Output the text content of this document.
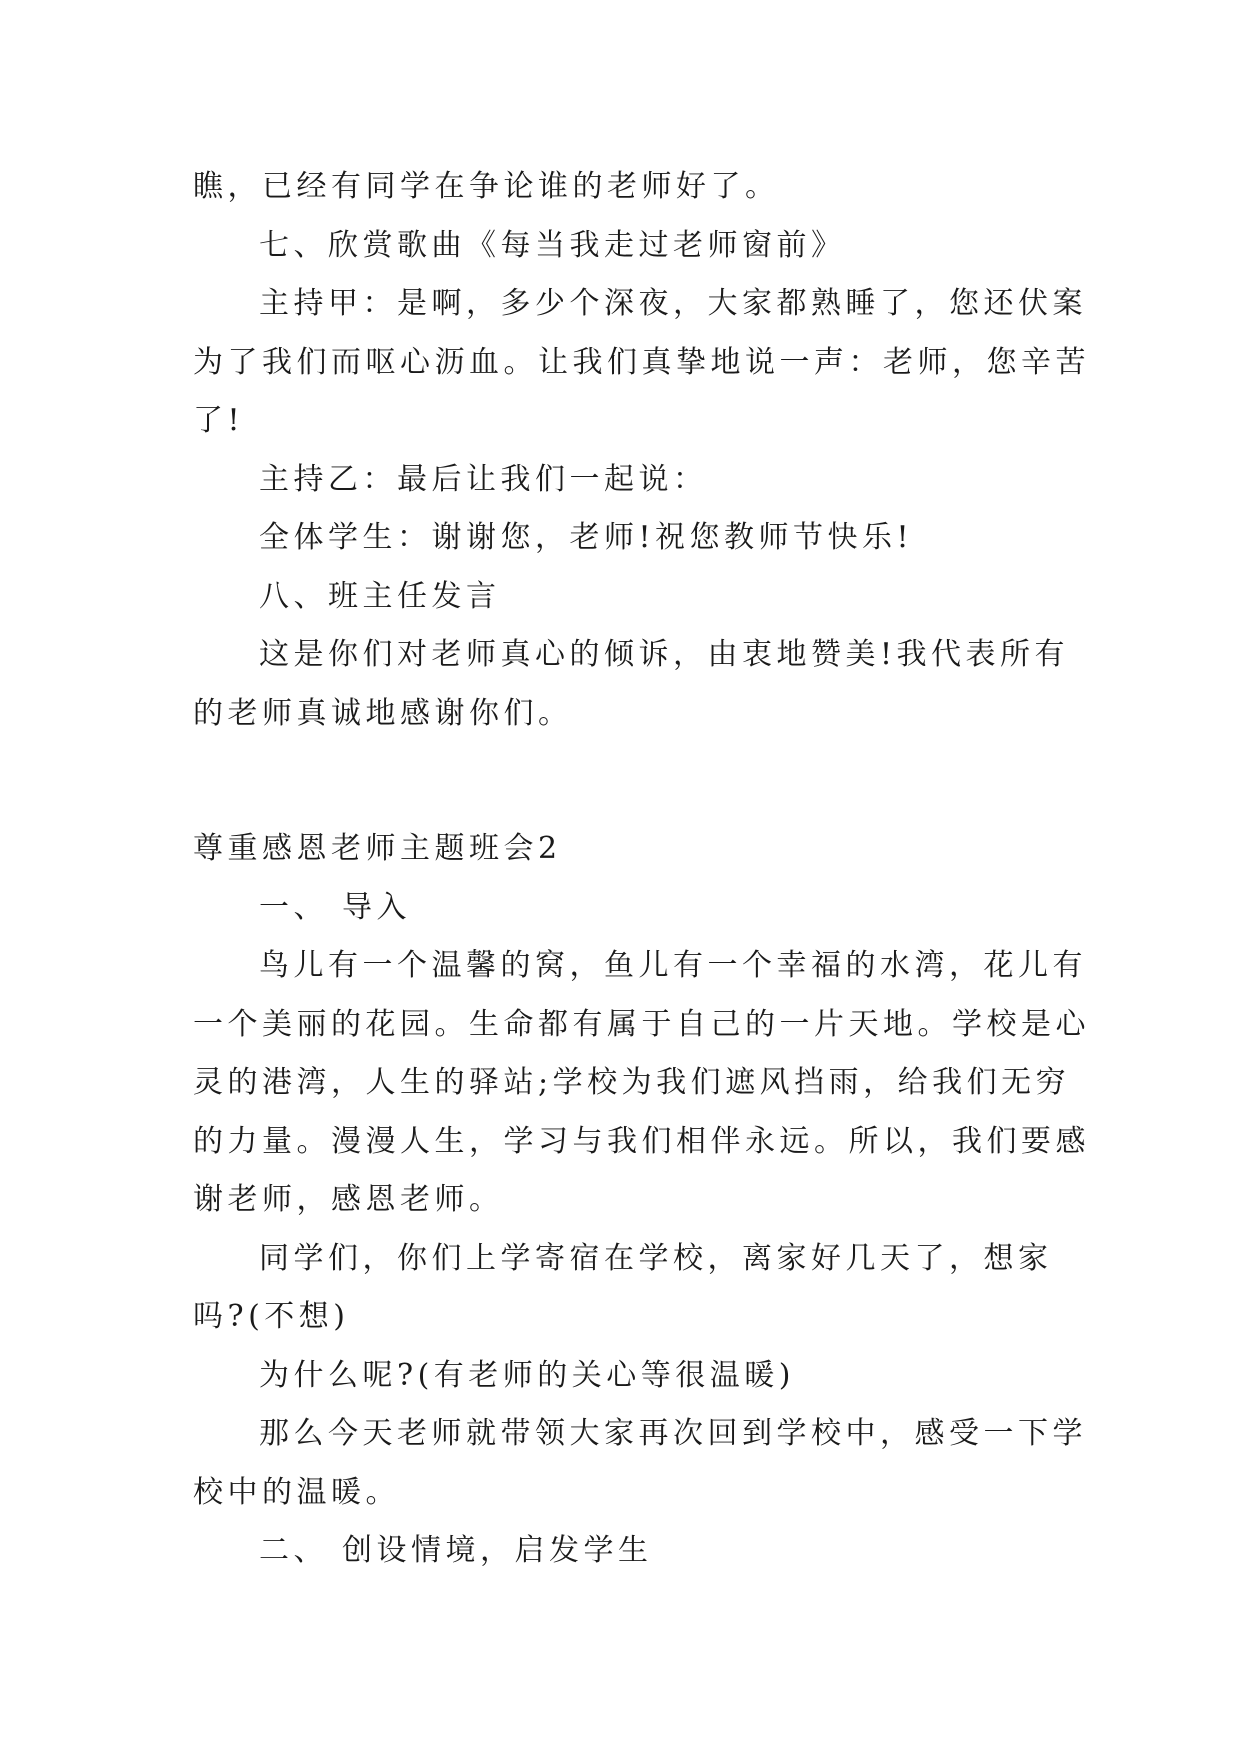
瞧，已经有同学在争论谁的老师好了。

七、欣赏歌曲《每当我走过老师窗前》

主持甲：是啊，多少个深夜，大家都熟睡了，您还伏案

为了我们而呕心沥血。让我们真挚地说一声：老师，您辛苦

了!

主持乙：最后让我们一起说：

全体学生：谢谢您，老师!祝您教师节快乐!

八、班主任发言

这是你们对老师真心的倾诉，由衷地赞美!我代表所有

的老师真诚地感谢你们。

尊重感恩老师主题班会2

一、 导入

鸟儿有一个温馨的窝，鱼儿有一个幸福的水湾，花儿有

一个美丽的花园。生命都有属于自己的一片天地。学校是心

灵的港湾，人生的驿站;学校为我们遮风挡雨，给我们无穷

的力量。漫漫人生，学习与我们相伴永远。所以，我们要感

谢老师，感恩老师。

同学们，你们上学寄宿在学校，离家好几天了，想家

吗?(不想)

为什么呢?(有老师的关心等很温暖)

那么今天老师就带领大家再次回到学校中，感受一下学

校中的温暖。

二、 创设情境，启发学生
